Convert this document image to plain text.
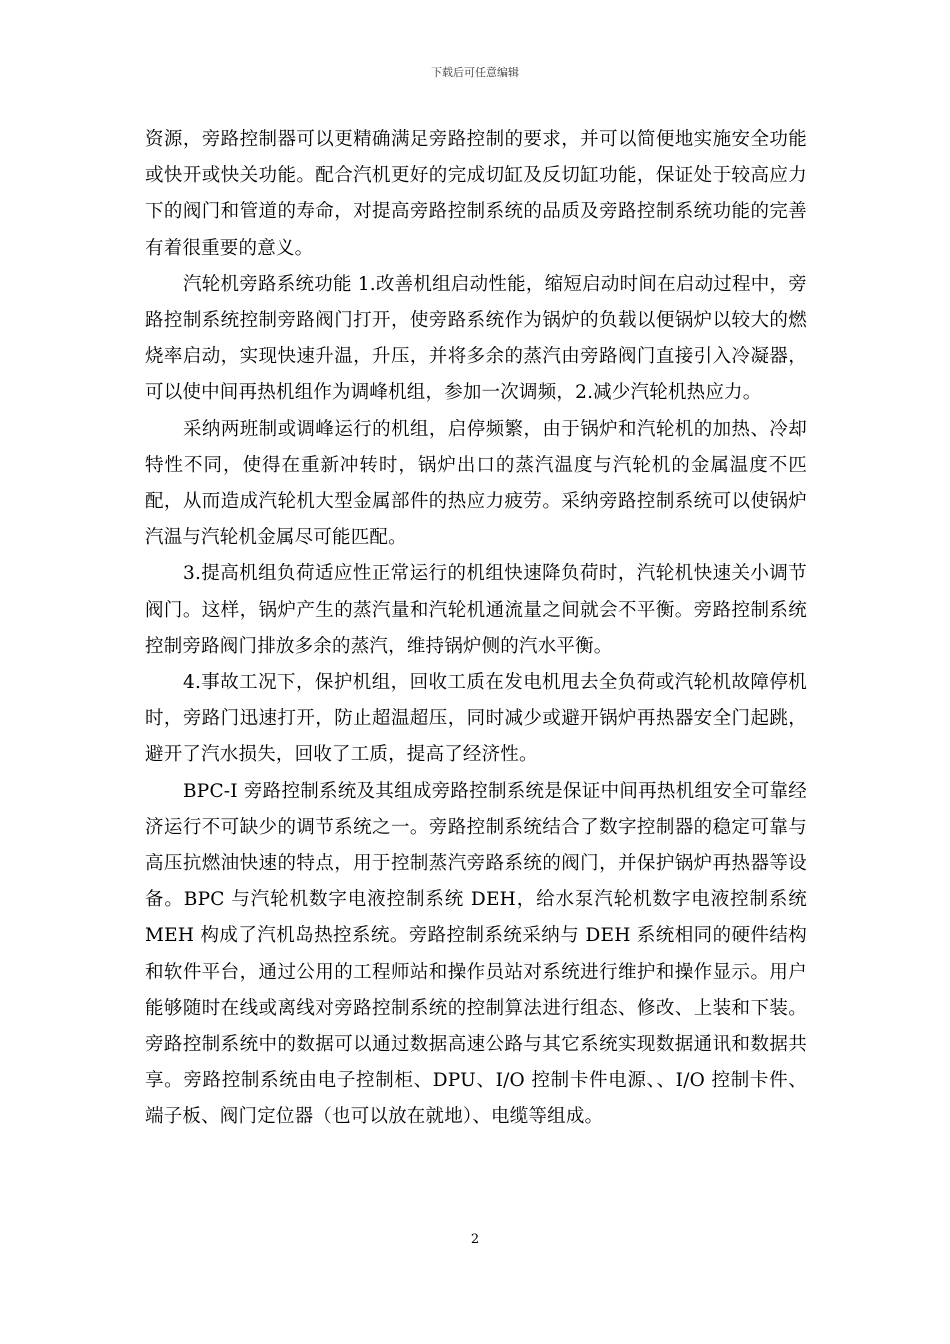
下载后可任意编辑

资源，旁路控制器可以更精确满足旁路控制的要求，并可以简便地实施安全功能或快开或快关功能。配合汽机更好的完成切缸及反切缸功能，保证处于较高应力下的阀门和管道的寿命，对提高旁路控制系统的品质及旁路控制系统功能的完善有着很重要的意义。

汽轮机旁路系统功能 1.改善机组启动性能，缩短启动时间在启动过程中，旁路控制系统控制旁路阀门打开，使旁路系统作为锅炉的负载以便锅炉以较大的燃烧率启动，实现快速升温，升压，并将多余的蒸汽由旁路阀门直接引入冷凝器，可以使中间再热机组作为调峰机组，参加一次调频，2.减少汽轮机热应力。

采纳两班制或调峰运行的机组，启停频繁，由于锅炉和汽轮机的加热、冷却特性不同，使得在重新冲转时，锅炉出口的蒸汽温度与汽轮机的金属温度不匹配，从而造成汽轮机大型金属部件的热应力疲劳。采纳旁路控制系统可以使锅炉汽温与汽轮机金属尽可能匹配。

3.提高机组负荷适应性正常运行的机组快速降负荷时，汽轮机快速关小调节阀门。这样，锅炉产生的蒸汽量和汽轮机通流量之间就会不平衡。旁路控制系统控制旁路阀门排放多余的蒸汽，维持锅炉侧的汽水平衡。

4.事故工况下，保护机组，回收工质在发电机甩去全负荷或汽轮机故障停机时，旁路门迅速打开，防止超温超压，同时减少或避开锅炉再热器安全门起跳，避开了汽水损失，回收了工质，提高了经济性。

BPC-I 旁路控制系统及其组成旁路控制系统是保证中间再热机组安全可靠经济运行不可缺少的调节系统之一。旁路控制系统结合了数字控制器的稳定可靠与高压抗燃油快速的特点，用于控制蒸汽旁路系统的阀门，并保护锅炉再热器等设备。BPC 与汽轮机数字电液控制系统 DEH，给水泵汽轮机数字电液控制系统 MEH 构成了汽机岛热控系统。旁路控制系统采纳与 DEH 系统相同的硬件结构和软件平台，通过公用的工程师站和操作员站对系统进行维护和操作显示。用户能够随时在线或离线对旁路控制系统的控制算法进行组态、修改、上装和下装。旁路控制系统中的数据可以通过数据高速公路与其它系统实现数据通讯和数据共享。旁路控制系统由电子控制柜、DPU、I/O 控制卡件电源、、I/O 控制卡件、端子板、阀门定位器（也可以放在就地）、电缆等组成。

2
